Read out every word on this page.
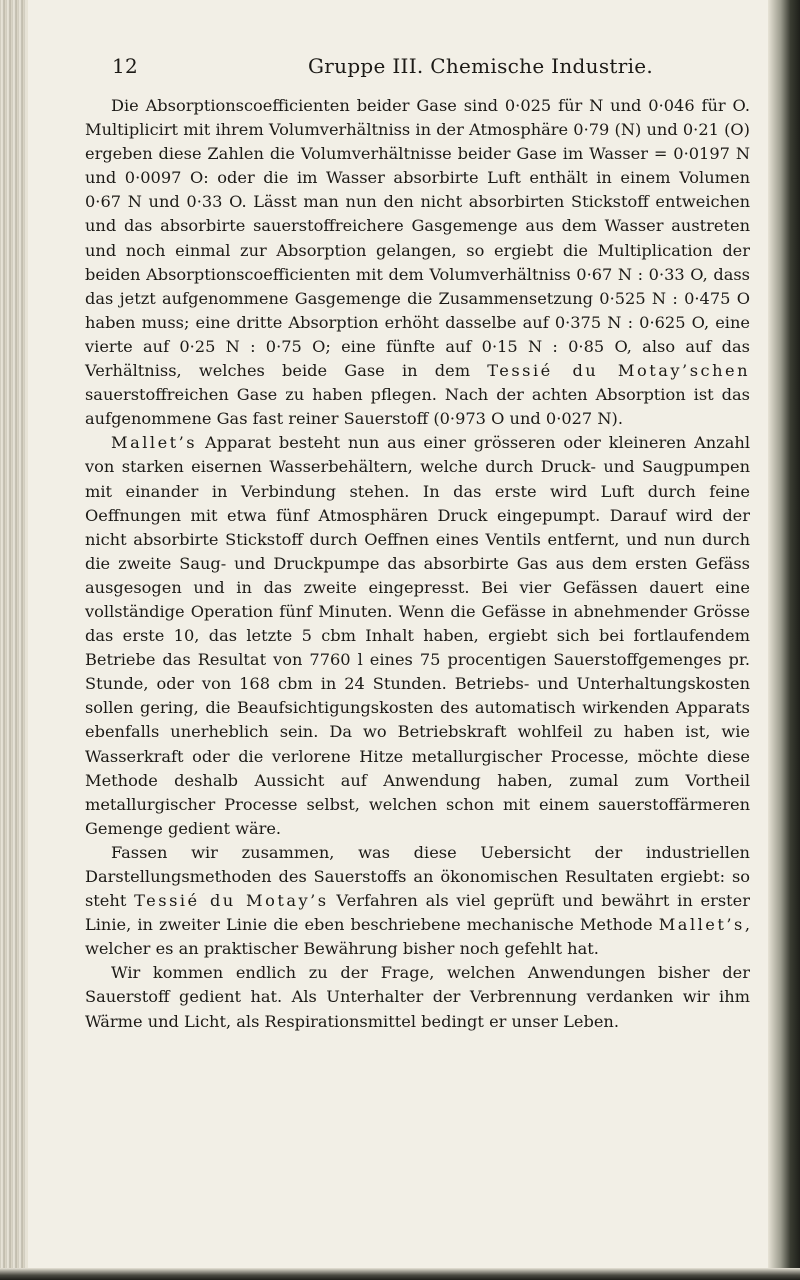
12	Gruppe III. Chemische Industrie.

Die Absorptionscoefficienten beider Gase sind 0·025 für N und 0·046 für O. Multiplicirt mit ihrem Volumverhältniss in der Atmosphäre 0·79 (N) und 0·21 (O) ergeben diese Zahlen die Volumverhältnisse beider Gase im Wasser = 0·0197 N und 0·0097 O: oder die im Wasser absorbirte Luft enthält in einem Volumen 0·67 N und 0·33 O. Lässt man nun den nicht absorbirten Stickstoff entweichen und das absorbirte sauerstoffreichere Gasgemenge aus dem Wasser austreten und noch einmal zur Absorption gelangen, so ergiebt die Multiplication der beiden Absorptionscoefficienten mit dem Volumverhältniss 0·67 N : 0·33 O, dass das jetzt aufgenommene Gasgemenge die Zusammensetzung 0·525 N : 0·475 O haben muss; eine dritte Absorption erhöht dasselbe auf 0·375 N : 0·625 O, eine vierte auf 0·25 N : 0·75 O; eine fünfte auf 0·15 N : 0·85 O, also auf das Verhältniss, welches beide Gase in dem Tessié du Motay’schen sauerstoffreichen Gase zu haben pflegen. Nach der achten Absorption ist das aufgenommene Gas fast reiner Sauerstoff (0·973 O und 0·027 N).

Mallet’s Apparat besteht nun aus einer grösseren oder kleineren Anzahl von starken eisernen Wasserbehältern, welche durch Druck- und Saugpumpen mit einander in Verbindung stehen. In das erste wird Luft durch feine Oeffnungen mit etwa fünf Atmosphären Druck eingepumpt. Darauf wird der nicht absorbirte Stickstoff durch Oeffnen eines Ventils entfernt, und nun durch die zweite Saug- und Druckpumpe das absorbirte Gas aus dem ersten Gefäss ausgesogen und in das zweite eingepresst. Bei vier Gefässen dauert eine vollständige Operation fünf Minuten. Wenn die Gefässe in abnehmender Grösse das erste 10, das letzte 5 cbm Inhalt haben, ergiebt sich bei fortlaufendem Betriebe das Resultat von 7760 l eines 75 procentigen Sauerstoffgemenges pr. Stunde, oder von 168 cbm in 24 Stunden. Betriebs- und Unterhaltungskosten sollen gering, die Beaufsichtigungskosten des automatisch wirkenden Apparats ebenfalls unerheblich sein. Da wo Betriebskraft wohlfeil zu haben ist, wie Wasserkraft oder die verlorene Hitze metallurgischer Processe, möchte diese Methode deshalb Aussicht auf Anwendung haben, zumal zum Vortheil metallurgischer Processe selbst, welchen schon mit einem sauerstoffärmeren Gemenge gedient wäre.

Fassen wir zusammen, was diese Uebersicht der industriellen Darstellungsmethoden des Sauerstoffs an ökonomischen Resultaten ergiebt: so steht Tessié du Motay’s Verfahren als viel geprüft und bewährt in erster Linie, in zweiter Linie die eben beschriebene mechanische Methode Mallet’s, welcher es an praktischer Bewährung bisher noch gefehlt hat.

Wir kommen endlich zu der Frage, welchen Anwendungen bisher der Sauerstoff gedient hat. Als Unterhalter der Verbrennung verdanken wir ihm Wärme und Licht, als Respirationsmittel bedingt er unser Leben.
